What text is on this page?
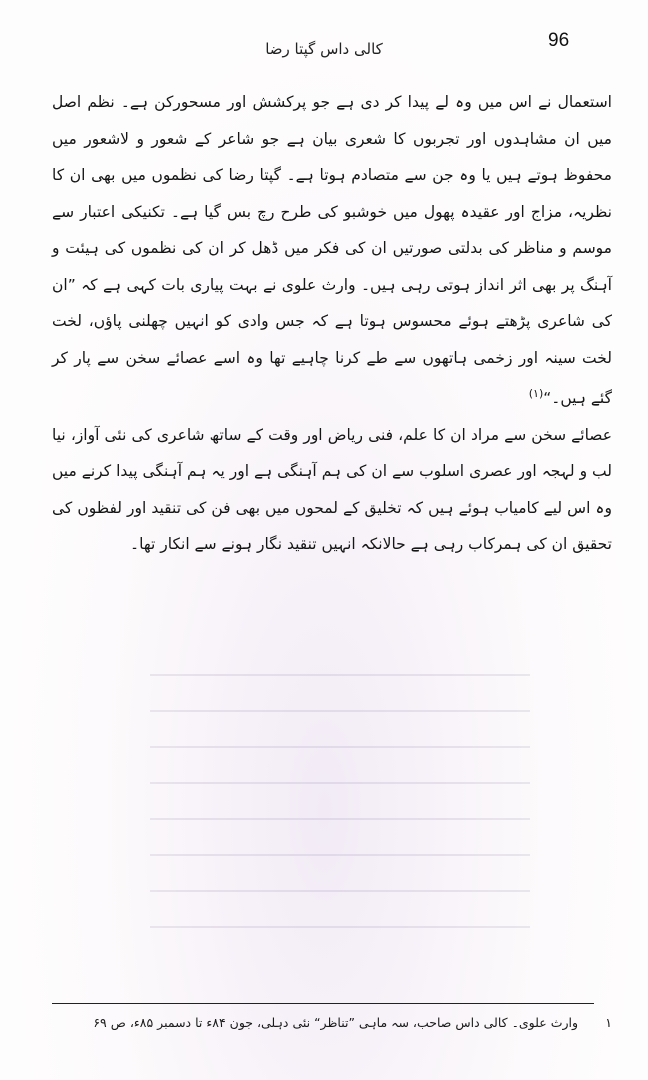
96
کالی داس گپتا رضا

استعمال نے اس میں وہ لے پیدا کر دی ہے جو پرکشش اور مسحورکن ہے۔ نظم اصل میں ان مشاہدوں اور تجربوں کا شعری بیان ہے جو شاعر کے شعور و لاشعور میں محفوظ ہوتے ہیں یا وہ جن سے متصادم ہوتا ہے۔ گپتا رضا کی نظموں میں بھی ان کا نظریہ، مزاج اور عقیدہ پھول میں خوشبو کی طرح رچ بس گیا ہے۔ تکنیکی اعتبار سے موسم و مناظر کی بدلتی صورتیں ان کی فکر میں ڈھل کر ان کی نظموں کی ہیئت و آہنگ پر بھی اثر انداز ہوتی رہی ہیں۔ وارث علوی نے بہت پیاری بات کہی ہے کہ ”ان کی شاعری پڑھتے ہوئے محسوس ہوتا ہے کہ جس وادی کو انہیں چھلنی پاؤں، لخت لخت سینہ اور زخمی ہاتھوں سے طے کرنا چاہیے تھا وہ اسے عصائے سخن سے پار کر گئے ہیں۔“$^{(۱)}$

عصائے سخن سے مراد ان کا علم، فنی ریاض اور وقت کے ساتھ شاعری کی نئی آواز، نیا لب و لہجہ اور عصری اسلوب سے ان کی ہم آہنگی ہے اور یہ ہم آہنگی پیدا کرنے میں وہ اس لیے کامیاب ہوئے ہیں کہ تخلیق کے لمحوں میں بھی فن کی تنقید اور لفظوں کی تحقیق ان کی ہمرکاب رہی ہے حالانکہ انہیں تنقید نگار ہونے سے انکار تھا۔

۱ وارث علوی۔ کالی داس صاحب، سہ ماہی ”تناظر“ نئی دہلی، جون ۸۴ء تا دسمبر ۸۵ء، ص ۶۹
